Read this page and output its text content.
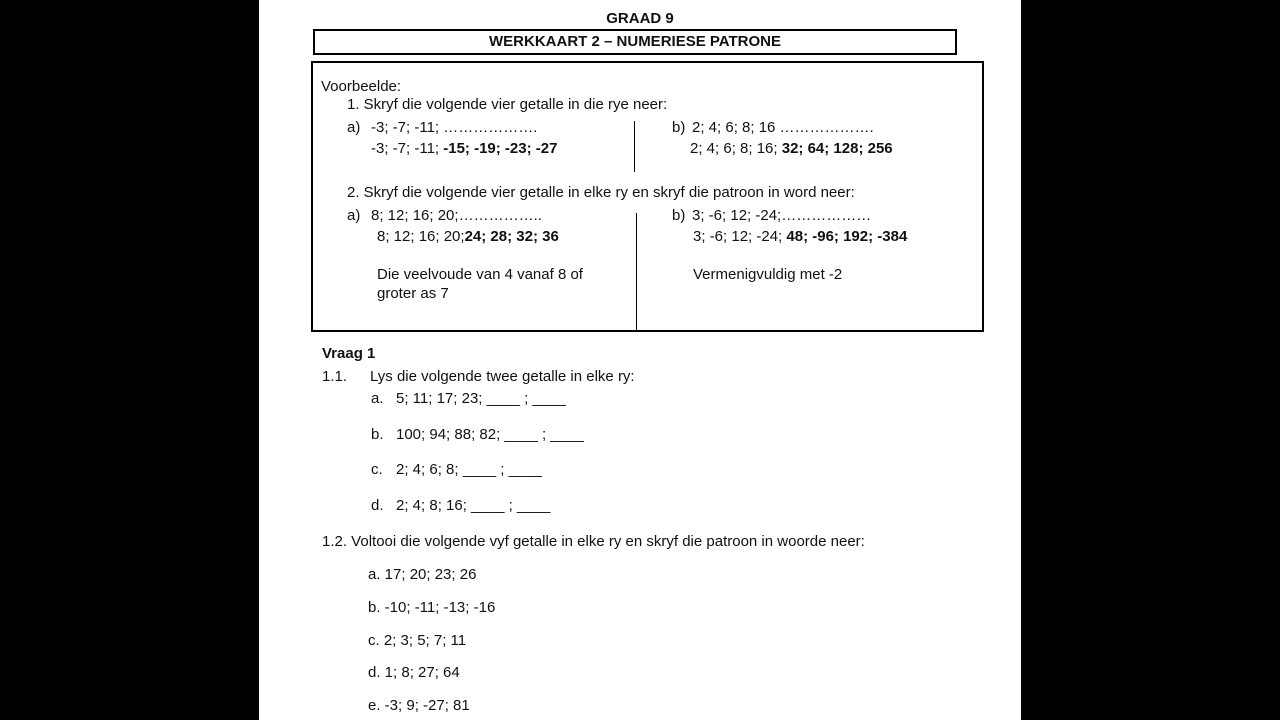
GRAAD 9
WERKKAART 2 – NUMERIESE PATRONE
Voorbeelde:
1. Skryf die volgende vier getalle in die rye neer:
a) -3; -7; -11; ……………….
-3; -7; -11; -15; -19; -23; -27
b) 2; 4; 6; 8; 16 ……………….
2; 4; 6; 8; 16; 32; 64; 128; 256
2. Skryf die volgende vier getalle in elke ry en skryf die patroon in word neer:
a) 8; 12; 16; 20;……………..
8; 12; 16; 20;24; 28; 32; 36
Die veelvoude van 4 vanaf 8 of
groter as 7
b) 3; -6; 12; -24;………………
3; -6; 12; -24; 48; -96; 192; -384
Vermenigvuldig met -2
Vraag 1
1.1. Lys die volgende twee getalle in elke ry:
a. 5; 11; 17; 23; ____ ; ____
b. 100; 94; 88; 82; ____ ; ____
c. 2; 4; 6; 8; ____ ; ____
d. 2; 4; 8; 16; ____ ; ____
1.2. Voltooi die volgende vyf getalle in elke ry en skryf die patroon in woorde neer:
a. 17; 20; 23; 26
b. -10; -11; -13; -16
c. 2; 3; 5; 7; 11
d. 1; 8; 27; 64
e. -3; 9; -27; 81
